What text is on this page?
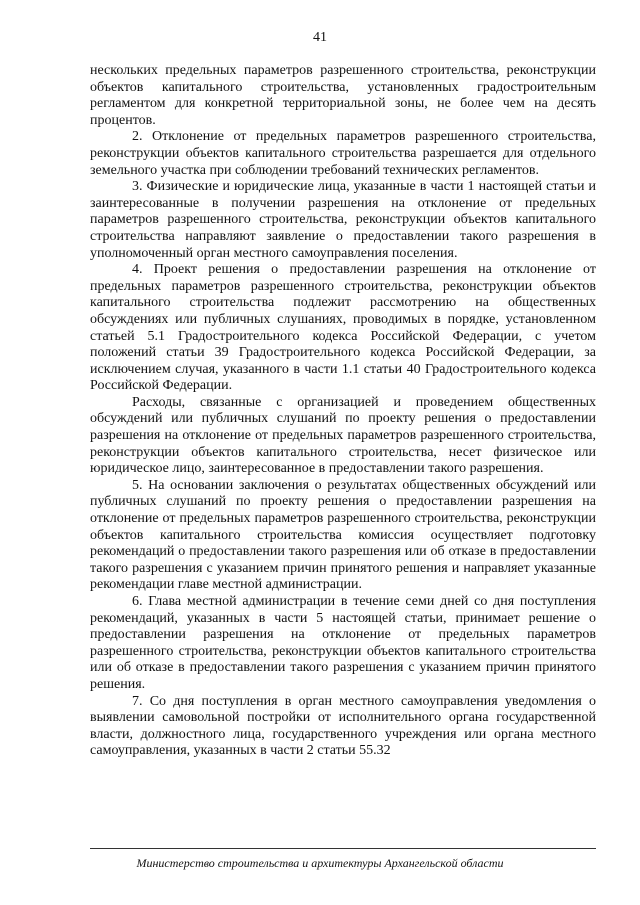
41

нескольких предельных параметров разрешенного строительства, реконструкции объектов капитального строительства, установленных градостроительным регламентом для конкретной территориальной зоны, не более чем на десять процентов.

2. Отклонение от предельных параметров разрешенного строительства, реконструкции объектов капитального строительства разрешается для отдельного земельного участка при соблюдении требований технических регламентов.

3. Физические и юридические лица, указанные в части 1 настоящей статьи и заинтересованные в получении разрешения на отклонение от предельных параметров разрешенного строительства, реконструкции объектов капитального строительства направляют заявление о предоставлении такого разрешения в уполномоченный орган местного самоуправления поселения.

4. Проект решения о предоставлении разрешения на отклонение от предельных параметров разрешенного строительства, реконструкции объектов капитального строительства подлежит рассмотрению на общественных обсуждениях или публичных слушаниях, проводимых в порядке, установленном статьей 5.1 Градостроительного кодекса Российской Федерации, с учетом положений статьи 39 Градостроительного кодекса Российской Федерации, за исключением случая, указанного в части 1.1 статьи 40 Градостроительного кодекса Российской Федерации.

Расходы, связанные с организацией и проведением общественных обсуждений или публичных слушаний по проекту решения о предоставлении разрешения на отклонение от предельных параметров разрешенного строительства, реконструкции объектов капитального строительства, несет физическое или юридическое лицо, заинтересованное в предоставлении такого разрешения.

5. На основании заключения о результатах общественных обсуждений или публичных слушаний по проекту решения о предоставлении разрешения на отклонение от предельных параметров разрешенного строительства, реконструкции объектов капитального строительства комиссия осуществляет подготовку рекомендаций о предоставлении такого разрешения или об отказе в предоставлении такого разрешения с указанием причин принятого решения и направляет указанные рекомендации главе местной администрации.

6. Глава местной администрации в течение семи дней со дня поступления рекомендаций, указанных в части 5 настоящей статьи, принимает решение о предоставлении разрешения на отклонение от предельных параметров разрешенного строительства, реконструкции объектов капитального строительства или об отказе в предоставлении такого разрешения с указанием причин принятого решения.

7. Со дня поступления в орган местного самоуправления уведомления о выявлении самовольной постройки от исполнительного органа государственной власти, должностного лица, государственного учреждения или органа местного самоуправления, указанных в части 2 статьи 55.32

Министерство строительства и архитектуры Архангельской области
